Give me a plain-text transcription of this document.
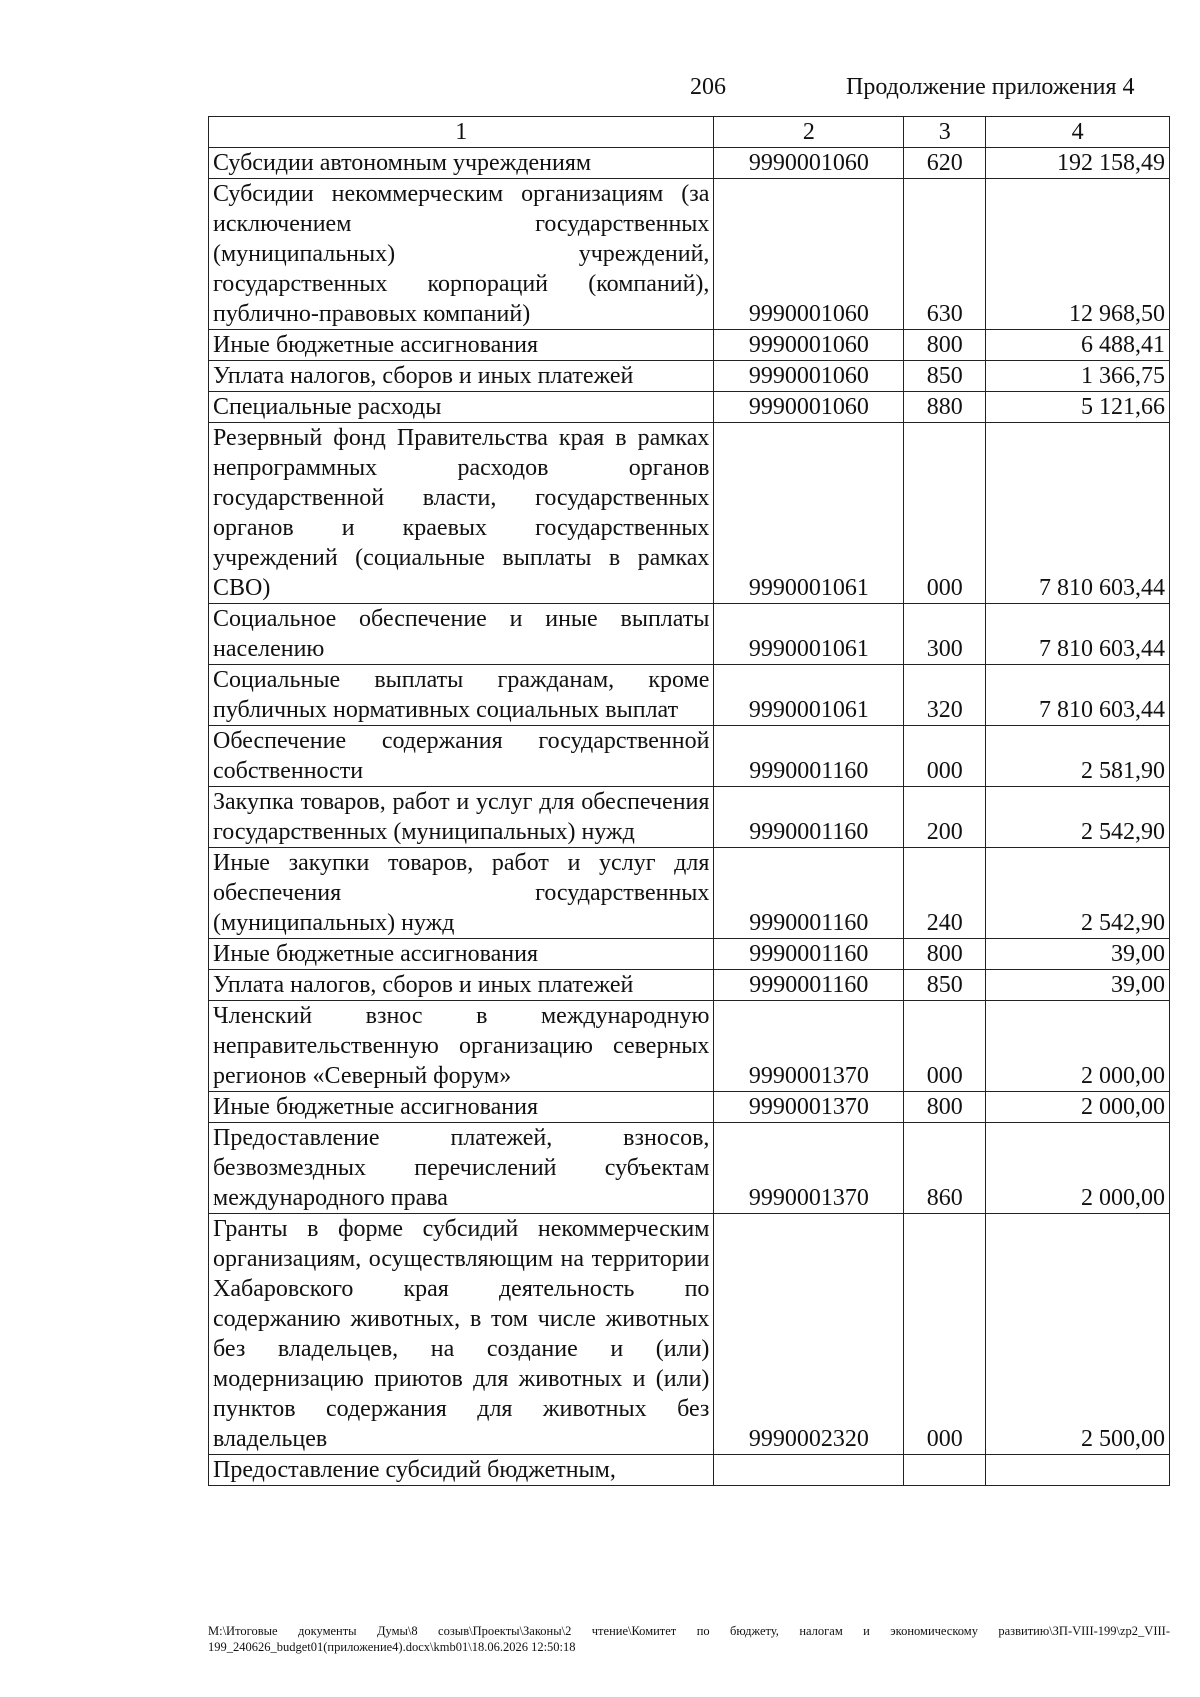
206	Продолжение приложения 4
1	2	3	4
Субсидии автономным учреждениям	9990001060	620	192 158,49
Субсидии некоммерческим организациям (за исключением государственных (муниципальных) учреждений, государственных корпораций (компаний), публично-правовых компаний)	9990001060	630	12 968,50
Иные бюджетные ассигнования	9990001060	800	6 488,41
Уплата налогов, сборов и иных платежей	9990001060	850	1 366,75
Специальные расходы	9990001060	880	5 121,66
Резервный фонд Правительства края в рамках непрограммных расходов органов государственной власти, государственных органов и краевых государственных учреждений (социальные выплаты в рамках СВО)	9990001061	000	7 810 603,44
Социальное обеспечение и иные выплаты населению	9990001061	300	7 810 603,44
Социальные выплаты гражданам, кроме публичных нормативных социальных выплат	9990001061	320	7 810 603,44
Обеспечение содержания государственной собственности	9990001160	000	2 581,90
Закупка товаров, работ и услуг для обеспечения государственных (муниципальных) нужд	9990001160	200	2 542,90
Иные закупки товаров, работ и услуг для обеспечения государственных (муниципальных) нужд	9990001160	240	2 542,90
Иные бюджетные ассигнования	9990001160	800	39,00
Уплата налогов, сборов и иных платежей	9990001160	850	39,00
Членский взнос в международную неправительственную организацию северных регионов «Северный форум»	9990001370	000	2 000,00
Иные бюджетные ассигнования	9990001370	800	2 000,00
Предоставление платежей, взносов, безвозмездных перечислений субъектам международного права	9990001370	860	2 000,00
Гранты в форме субсидий некоммерческим организациям, осуществляющим на территории Хабаровского края деятельность по содержанию животных, в том числе животных без владельцев, на создание и (или) модернизацию приютов для животных и (или) пунктов содержания для животных без владельцев	9990002320	000	2 500,00
Предоставление субсидий бюджетным,			
M:\Итоговые документы Думы\8 созыв\Проекты\Законы\2 чтение\Комитет по бюджету, налогам и экономическому развитию\ЗП-VIII-199\zp2_VIII-199_240626_budget01(приложение4).docx\kmb01\18.06.2026 12:50:18
